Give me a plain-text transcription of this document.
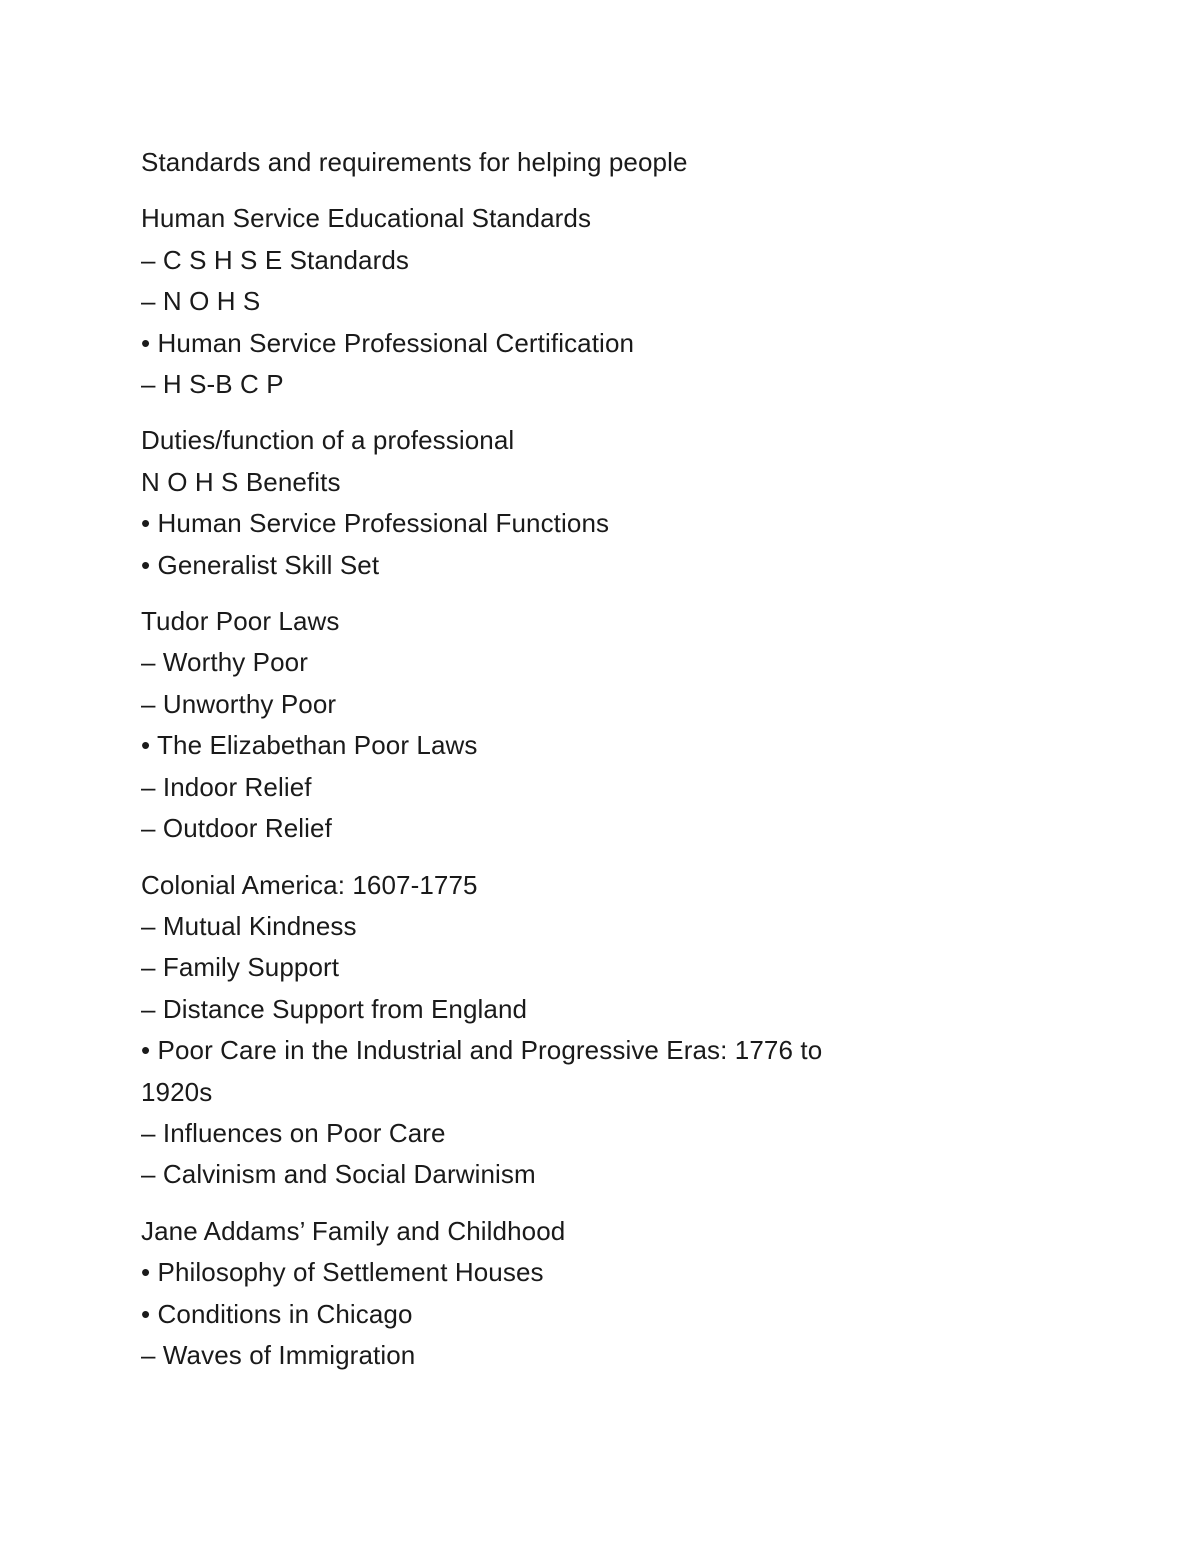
Standards and requirements for helping people
Human Service Educational Standards
– C S H S E Standards
– N O H S
• Human Service Professional Certification
– H S-B C P
Duties/function of a professional
N O H S Benefits
• Human Service Professional Functions
• Generalist Skill Set
Tudor Poor Laws
– Worthy Poor
– Unworthy Poor
• The Elizabethan Poor Laws
– Indoor Relief
– Outdoor Relief
Colonial America: 1607-1775
– Mutual Kindness
– Family Support
– Distance Support from England
• Poor Care in the Industrial and Progressive Eras: 1776 to
1920s
– Influences on Poor Care
– Calvinism and Social Darwinism
Jane Addams’ Family and Childhood
• Philosophy of Settlement Houses
• Conditions in Chicago
– Waves of Immigration
